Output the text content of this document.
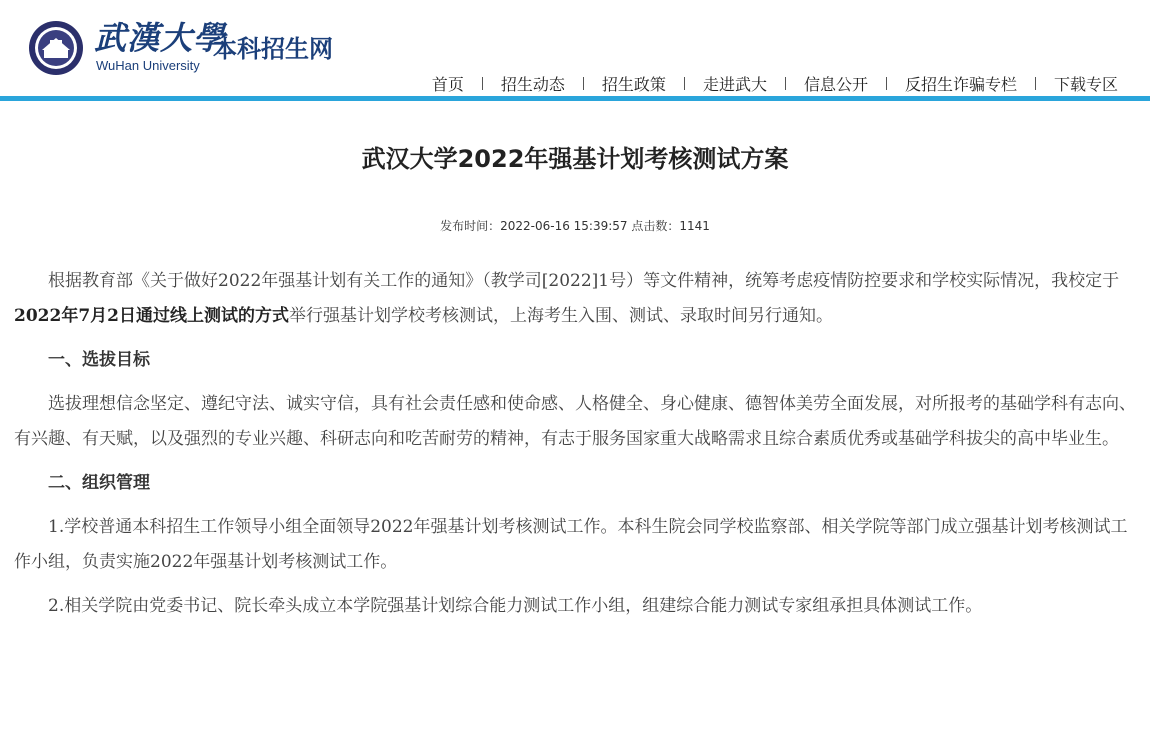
武漢大學
WuHan University
本科招生网
首页 招生动态 招生政策 走进武大 信息公开 反招生诈骗专栏 下载专区
武汉大学2022年强基计划考核测试方案
发布时间：2022-06-16 15:39:57 点击数：1141

根据教育部《关于做好2022年强基计划有关工作的通知》（教学司[2022]1号）等文件精神，统筹考虑疫情防控要求和学校实际情况，我校定于2022年7月2日通过线上测试的方式举行强基计划学校考核测试，上海考生入围、测试、录取时间另行通知。

一、选拔目标

选拔理想信念坚定、遵纪守法、诚实守信，具有社会责任感和使命感、人格健全、身心健康、德智体美劳全面发展，对所报考的基础学科有志向、有兴趣、有天赋，以及强烈的专业兴趣、科研志向和吃苦耐劳的精神，有志于服务国家重大战略需求且综合素质优秀或基础学科拔尖的高中毕业生。

二、组织管理

1.学校普通本科招生工作领导小组全面领导2022年强基计划考核测试工作。本科生院会同学校监察部、相关学院等部门成立强基计划考核测试工作小组，负责实施2022年强基计划考核测试工作。

2.相关学院由党委书记、院长牵头成立本学院强基计划综合能力测试工作小组，组建综合能力测试专家组承担具体测试工作。
